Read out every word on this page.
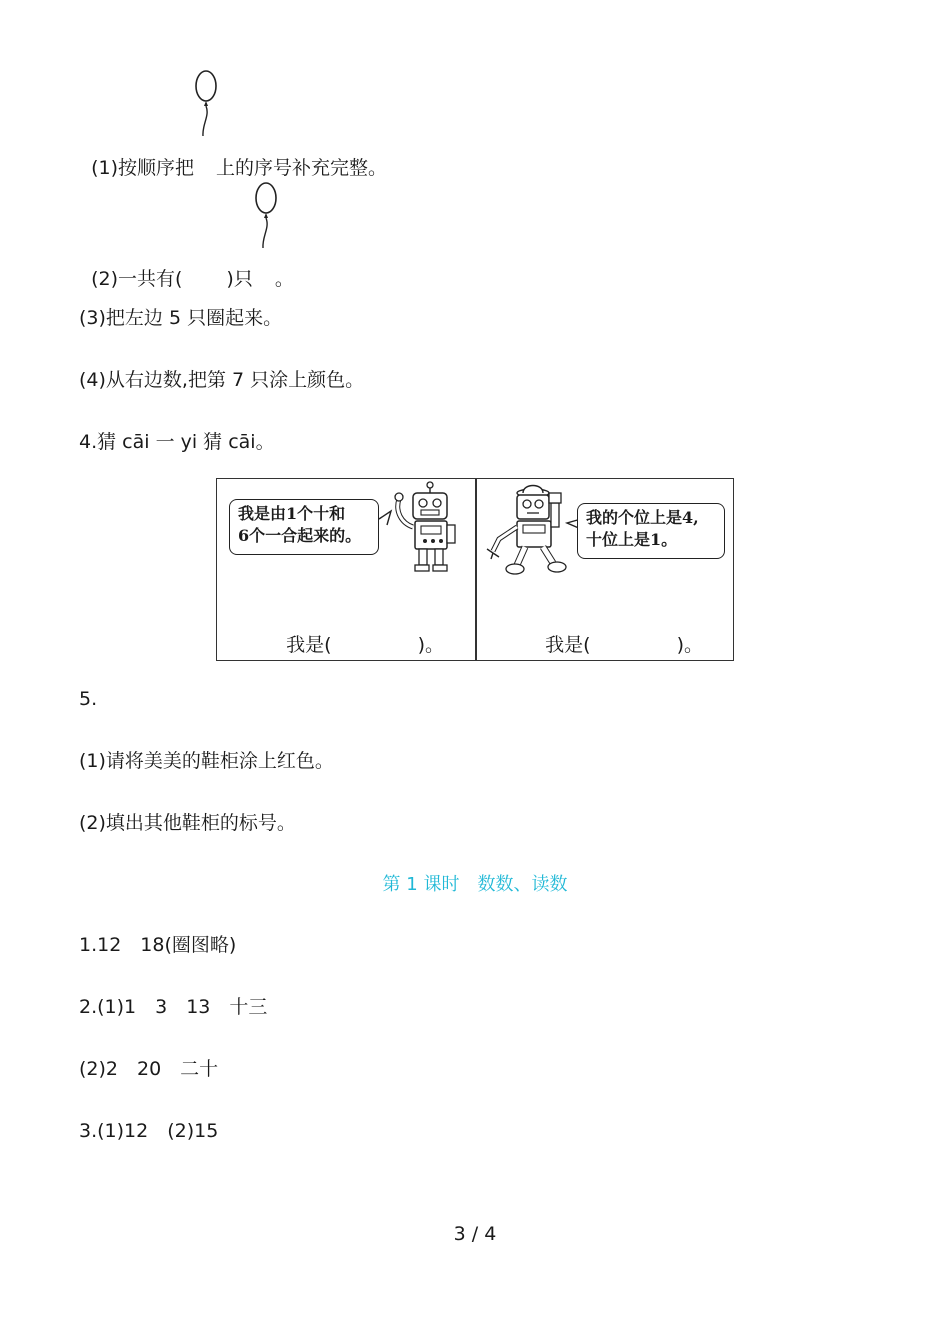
(1)按顺序把 上的序号补充完整。

(2)一共有( )只 。

(3)把左边 5 只圈起来。
(4)从右边数,把第 7 只涂上颜色。
4.猜 cāi 一 yi 猜 cāi。
我是由1个十和
6个一合起来的。

我是(	)。

我的个位上是4,
十位上是1。

我是(	)。

5.
(1)请将美美的鞋柜涂上红色。
(2)填出其他鞋柜的标号。
第 1 课时　数数、读数
1.12　18(圈图略)
2.(1)1　3　13　十三
(2)2　20　二十
3.(1)12　(2)15
3 / 4
